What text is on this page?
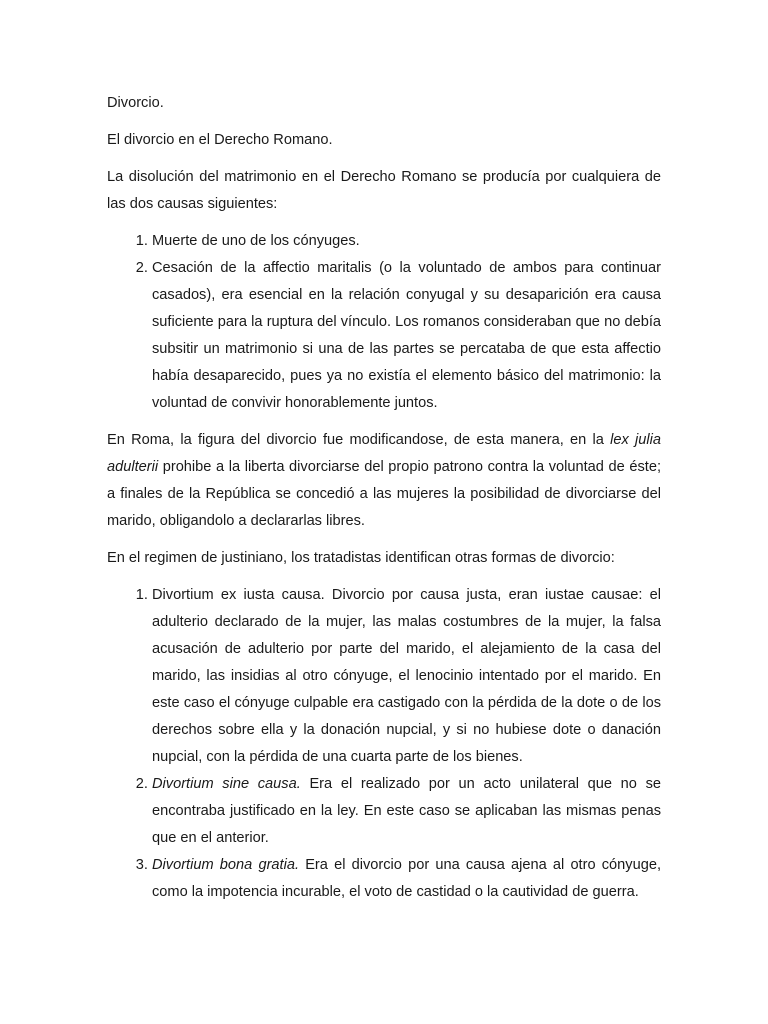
Divorcio.

El divorcio en el Derecho Romano.

La disolución del matrimonio en el Derecho Romano se producía por cualquiera de las dos causas siguientes:

1. Muerte de uno de los cónyuges.
2. Cesación de la affectio maritalis (o la voluntado de ambos para continuar casados), era esencial en la relación conyugal y su desaparición era causa suficiente para la ruptura del vínculo. Los romanos consideraban que no debía subsitir un matrimonio si una de las partes se percataba de que esta affectio había desaparecido, pues ya no existía el elemento básico del matrimonio: la voluntad de convivir honorablemente juntos.

En Roma, la figura del divorcio fue modificandose, de esta manera, en la lex julia adulterii prohibe a la liberta divorciarse del propio patrono contra la voluntad de éste; a finales de la República se concedió a las mujeres la posibilidad de divorciarse del marido, obligandolo a declararlas libres.

En el regimen de justiniano, los tratadistas identifican otras formas de divorcio:

1. Divortium ex iusta causa. Divorcio por causa justa, eran iustae causae: el adulterio declarado de la mujer, las malas costumbres de la mujer, la falsa acusación de adulterio por parte del marido, el alejamiento de la casa del marido, las insidias al otro cónyuge, el lenocinio intentado por el marido. En este caso el cónyuge culpable era castigado con la pérdida de la dote o de los derechos sobre ella y la donación nupcial, y si no hubiese dote o danación nupcial, con la pérdida de una cuarta parte de los bienes.
2. Divortium sine causa. Era el realizado por un acto unilateral que no se encontraba justificado en la ley. En este caso se aplicaban las mismas penas que en el anterior.
3. Divortium bona gratia. Era el divorcio por una causa ajena al otro cónyuge, como la impotencia incurable, el voto de castidad o la cautividad de guerra.
